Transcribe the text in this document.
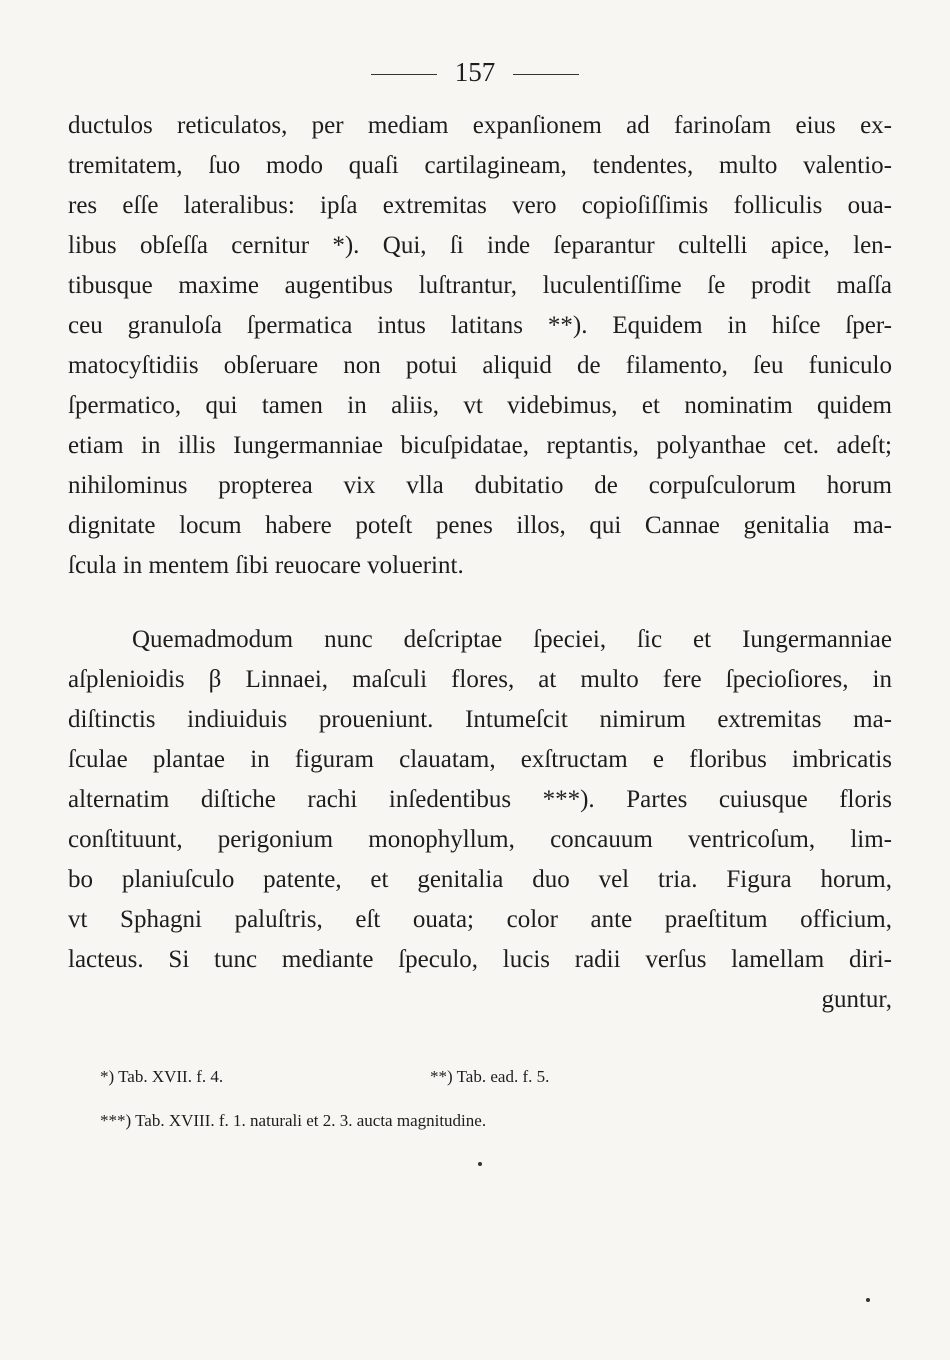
157
ductulos reticulatos, per mediam expanſionem ad farinoſam eius ex-
tremitatem, ſuo modo quaſi cartilagineam, tendentes, multo valentio-
res eſſe lateralibus: ipſa extremitas vero copioſiſſimis folliculis oua-
libus obſeſſa cernitur *). Qui, ſi inde ſeparantur cultelli apice, len-
tibusque maxime augentibus luſtrantur, luculentiſſime ſe prodit maſſa
ceu granuloſa ſpermatica intus latitans **). Equidem in hiſce ſper-
matocyſtidiis obſeruare non potui aliquid de filamento, ſeu funiculo
ſpermatico, qui tamen in aliis, vt videbimus, et nominatim quidem
etiam in illis Iungermanniae bicuſpidatae, reptantis, polyanthae cet. adeſt;
nihilominus propterea vix vlla dubitatio de corpuſculorum horum
dignitate locum habere poteſt penes illos, qui Cannae genitalia ma-
ſcula in mentem ſibi reuocare voluerint.
Quemadmodum nunc deſcriptae ſpeciei, ſic et Iungermanniae
aſplenioidis β Linnaei, maſculi flores, at multo fere ſpecioſiores, in
diſtinctis indiuiduis proueniunt. Intumeſcit nimirum extremitas ma-
ſculae plantae in figuram clauatam, exſtructam e floribus imbricatis
alternatim diſtiche rachi inſedentibus ***). Partes cuiusque floris
conſtituunt, perigonium monophyllum, concauum ventricoſum, lim-
bo planiuſculo patente, et genitalia duo vel tria. Figura horum,
vt Sphagni paluſtris, eſt ouata; color ante praeſtitum officium,
lacteus. Si tunc mediante ſpeculo, lucis radii verſus lamellam diri-
guntur,
*) Tab. XVII. f. 4.	**) Tab. ead. f. 5.
***) Tab. XVIII. f. 1. naturali et 2. 3. aucta magnitudine.
